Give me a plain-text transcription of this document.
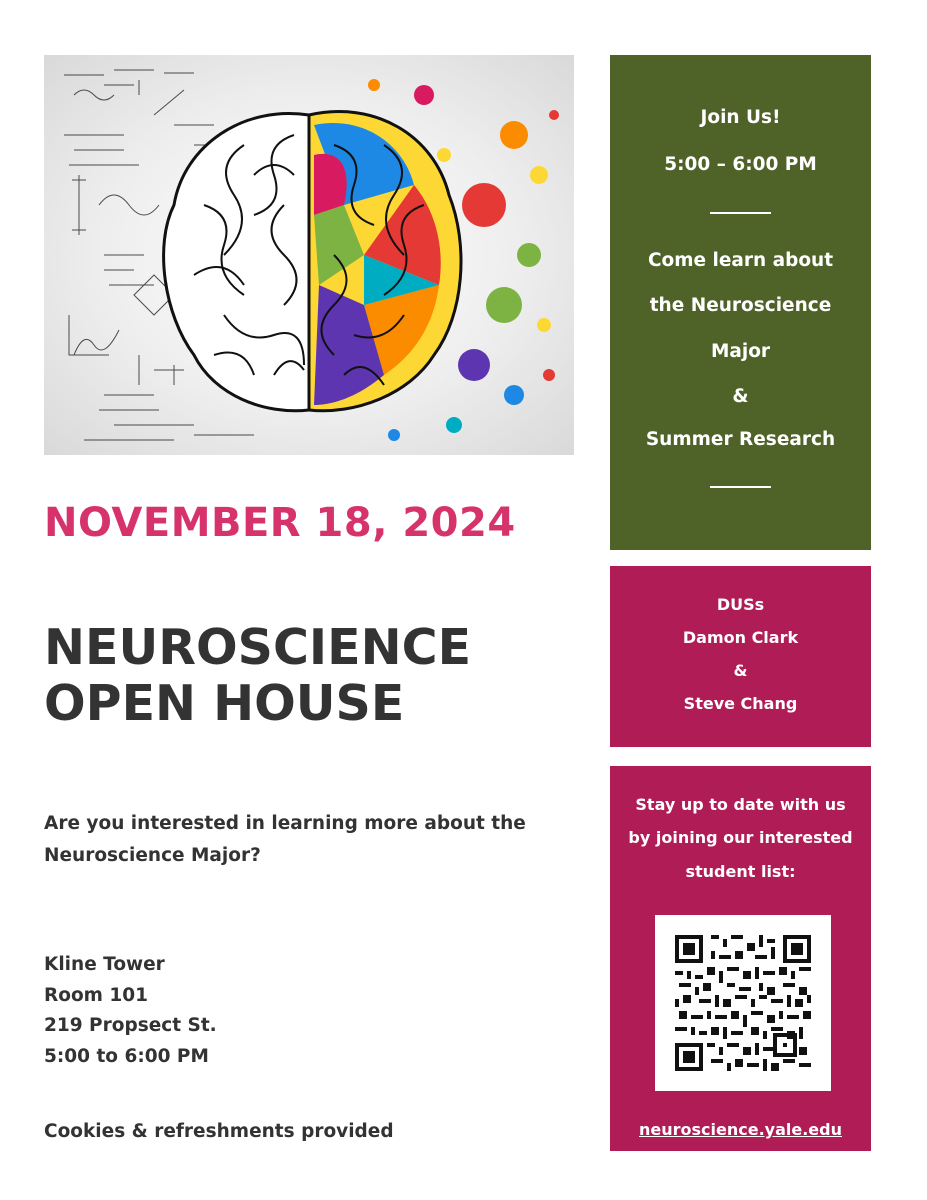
NOVEMBER 18, 2024
NEUROSCIENCE
OPEN HOUSE
Are you interested in learning more about the
Neuroscience Major?
Kline Tower
Room 101
219 Propsect St.
5:00 to 6:00 PM
Cookies & refreshments provided
Join Us!
5:00 – 6:00 PM
Come learn about
the Neuroscience
Major
&
Summer Research
DUSs
Damon Clark
&
Steve Chang
Stay up to date with us
by joining our interested
student list:
neuroscience.yale.edu
